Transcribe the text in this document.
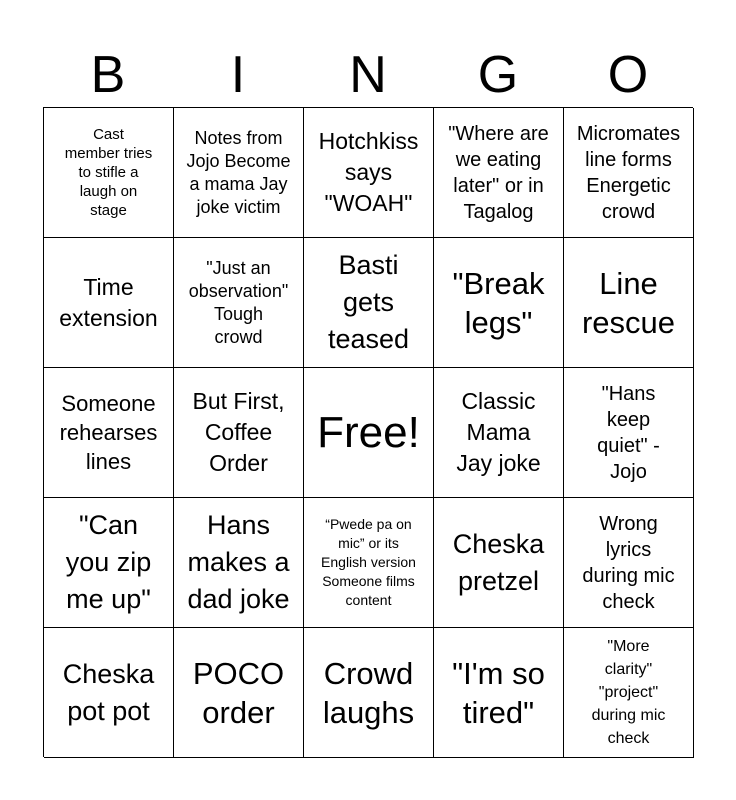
B	I	N	G	O
Cast
member tries
to stifle a
laugh on
stage
Notes from
Jojo Become
a mama Jay
joke victim
Hotchkiss
says
"WOAH"
"Where are
we eating
later" or in
Tagalog
Micromates
line forms
Energetic
crowd
Time
extension
"Just an
observation"
Tough
crowd
Basti
gets
teased
"Break
legs"
Line
rescue
Someone
rehearses
lines
But First,
Coffee
Order
Free!
Classic
Mama
Jay joke
"Hans
keep
quiet" -
Jojo
"Can
you zip
me up"
Hans
makes a
dad joke
“Pwede pa on
mic” or its
English version
Someone films
content
Cheska
pretzel
Wrong
lyrics
during mic
check
Cheska
pot pot
POCO
order
Crowd
laughs
"I'm so
tired"
"More
clarity"
"project"
during mic
check
